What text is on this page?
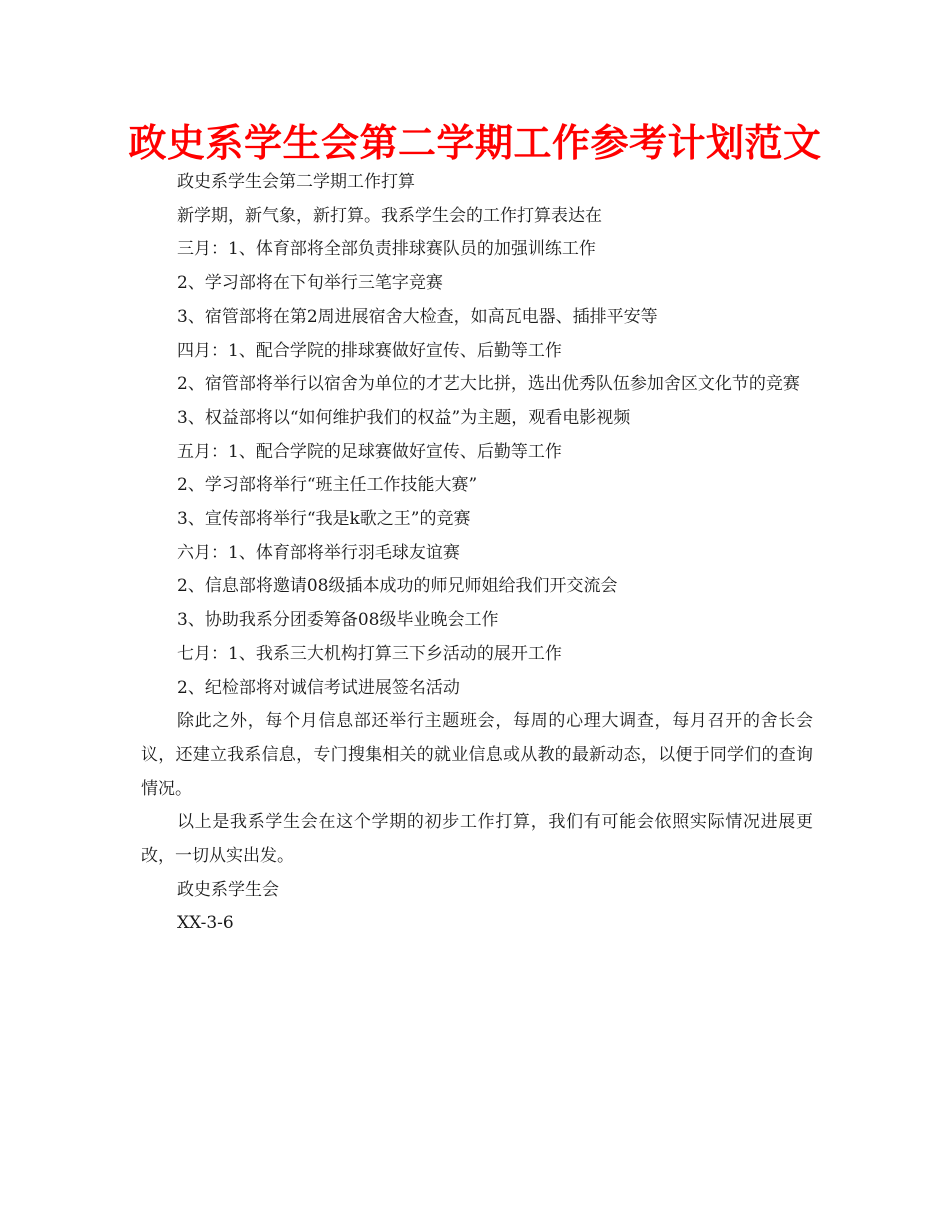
政史系学生会第二学期工作参考计划范文

政史系学生会第二学期工作打算

新学期，新气象，新打算。我系学生会的工作打算表达在

三月：1、体育部将全部负责排球赛队员的加强训练工作

2、学习部将在下旬举行三笔字竞赛

3、宿管部将在第2周进展宿舍大检查，如高瓦电器、插排平安等

四月：1、配合学院的排球赛做好宣传、后勤等工作

2、宿管部将举行以宿舍为单位的才艺大比拼，选出优秀队伍参加舍区文化节的竞赛

3、权益部将以“如何维护我们的权益”为主题，观看电影视频

五月：1、配合学院的足球赛做好宣传、后勤等工作

2、学习部将举行“班主任工作技能大赛”

3、宣传部将举行“我是k歌之王”的竞赛

六月：1、体育部将举行羽毛球友谊赛

2、信息部将邀请08级插本成功的师兄师姐给我们开交流会

3、协助我系分团委筹备08级毕业晚会工作

七月：1、我系三大机构打算三下乡活动的展开工作

2、纪检部将对诚信考试进展签名活动

除此之外，每个月信息部还举行主题班会，每周的心理大调查，每月召开的舍长会议，还建立我系信息，专门搜集相关的就业信息或从教的最新动态，以便于同学们的查询情况。

以上是我系学生会在这个学期的初步工作打算，我们有可能会依照实际情况进展更改，一切从实出发。

政史系学生会

XX-3-6
